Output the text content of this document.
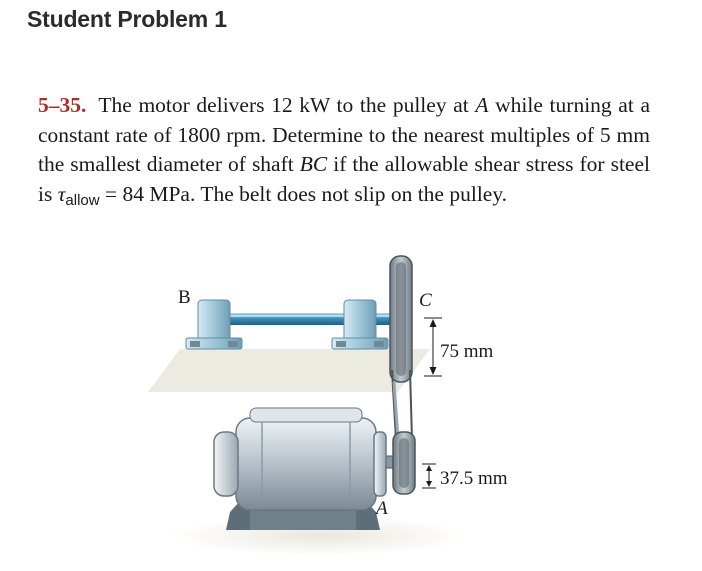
Student Problem 1
5–35. The motor delivers 12 kW to the pulley at A while turning at a constant rate of 1800 rpm. Determine to the nearest multiples of 5 mm the smallest diameter of shaft BC if the allowable shear stress for steel is τallow = 84 MPa. The belt does not slip on the pulley.
B	C
A
75 mm
37.5 mm
